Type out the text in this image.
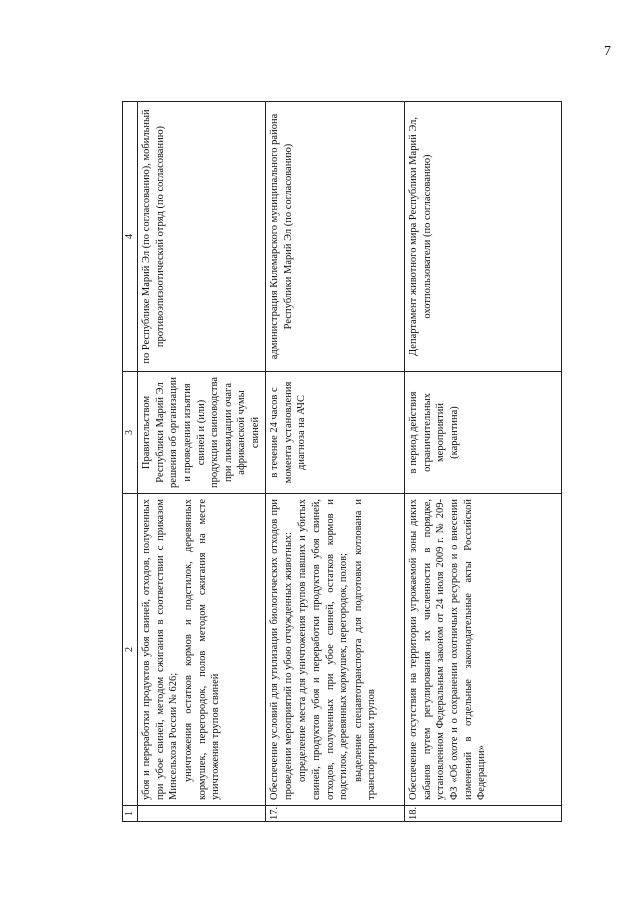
7
1	2	3	4

	убоя и переработки продуктов убоя свиней, отходов, полученных при убое свиней, методом сжигания в соответствии с приказом Минсельхоза России № 626; уничтожения остатков кормов и подстилок, деревянных кормушек, перегородок, полов методом сжигания на месте уничтожения трупов свиней	Правительством Республики Марий Эл решения об организации и проведении изъятия свиней и (или) продукции свиноводства при ликвидации очага африканской чумы свиней	по Республике Марий Эл (по согласованию), мобильный противоэпизоотический отряд (по согласованию)
17.	Обеспечение условий для утилизации биологических отходов при проведении мероприятий по убою отчужденных животных: определение места для уничтожения трупов павших и убитых свиней, продуктов убоя и переработки продуктов убоя свиней, отходов, полученных при убое свиней, остатков кормов и подстилок, деревянных кормушек, перегородок, полов; выделение спецавтотранспорта для подготовки котлована и транспортировки трупов	в течение 24 часов с момента установления диагноза на АЧС	администрация Килемарского муниципального района Республики Марий Эл (по согласованию)
18.	Обеспечение отсутствия на территории угрожаемой зоны диких кабанов путем регулирования их численности в порядке, установленном Федеральным законом от 24 июля 2009 г. № 209-ФЗ «Об охоте и о сохранении охотничьих ресурсов и о внесении изменений в отдельные законодательные акты Российской Федерации»	в период действия ограничительных мероприятий (карантина)	Департамент животного мира Республики Марий Эл, охотпользователи (по согласованию)
